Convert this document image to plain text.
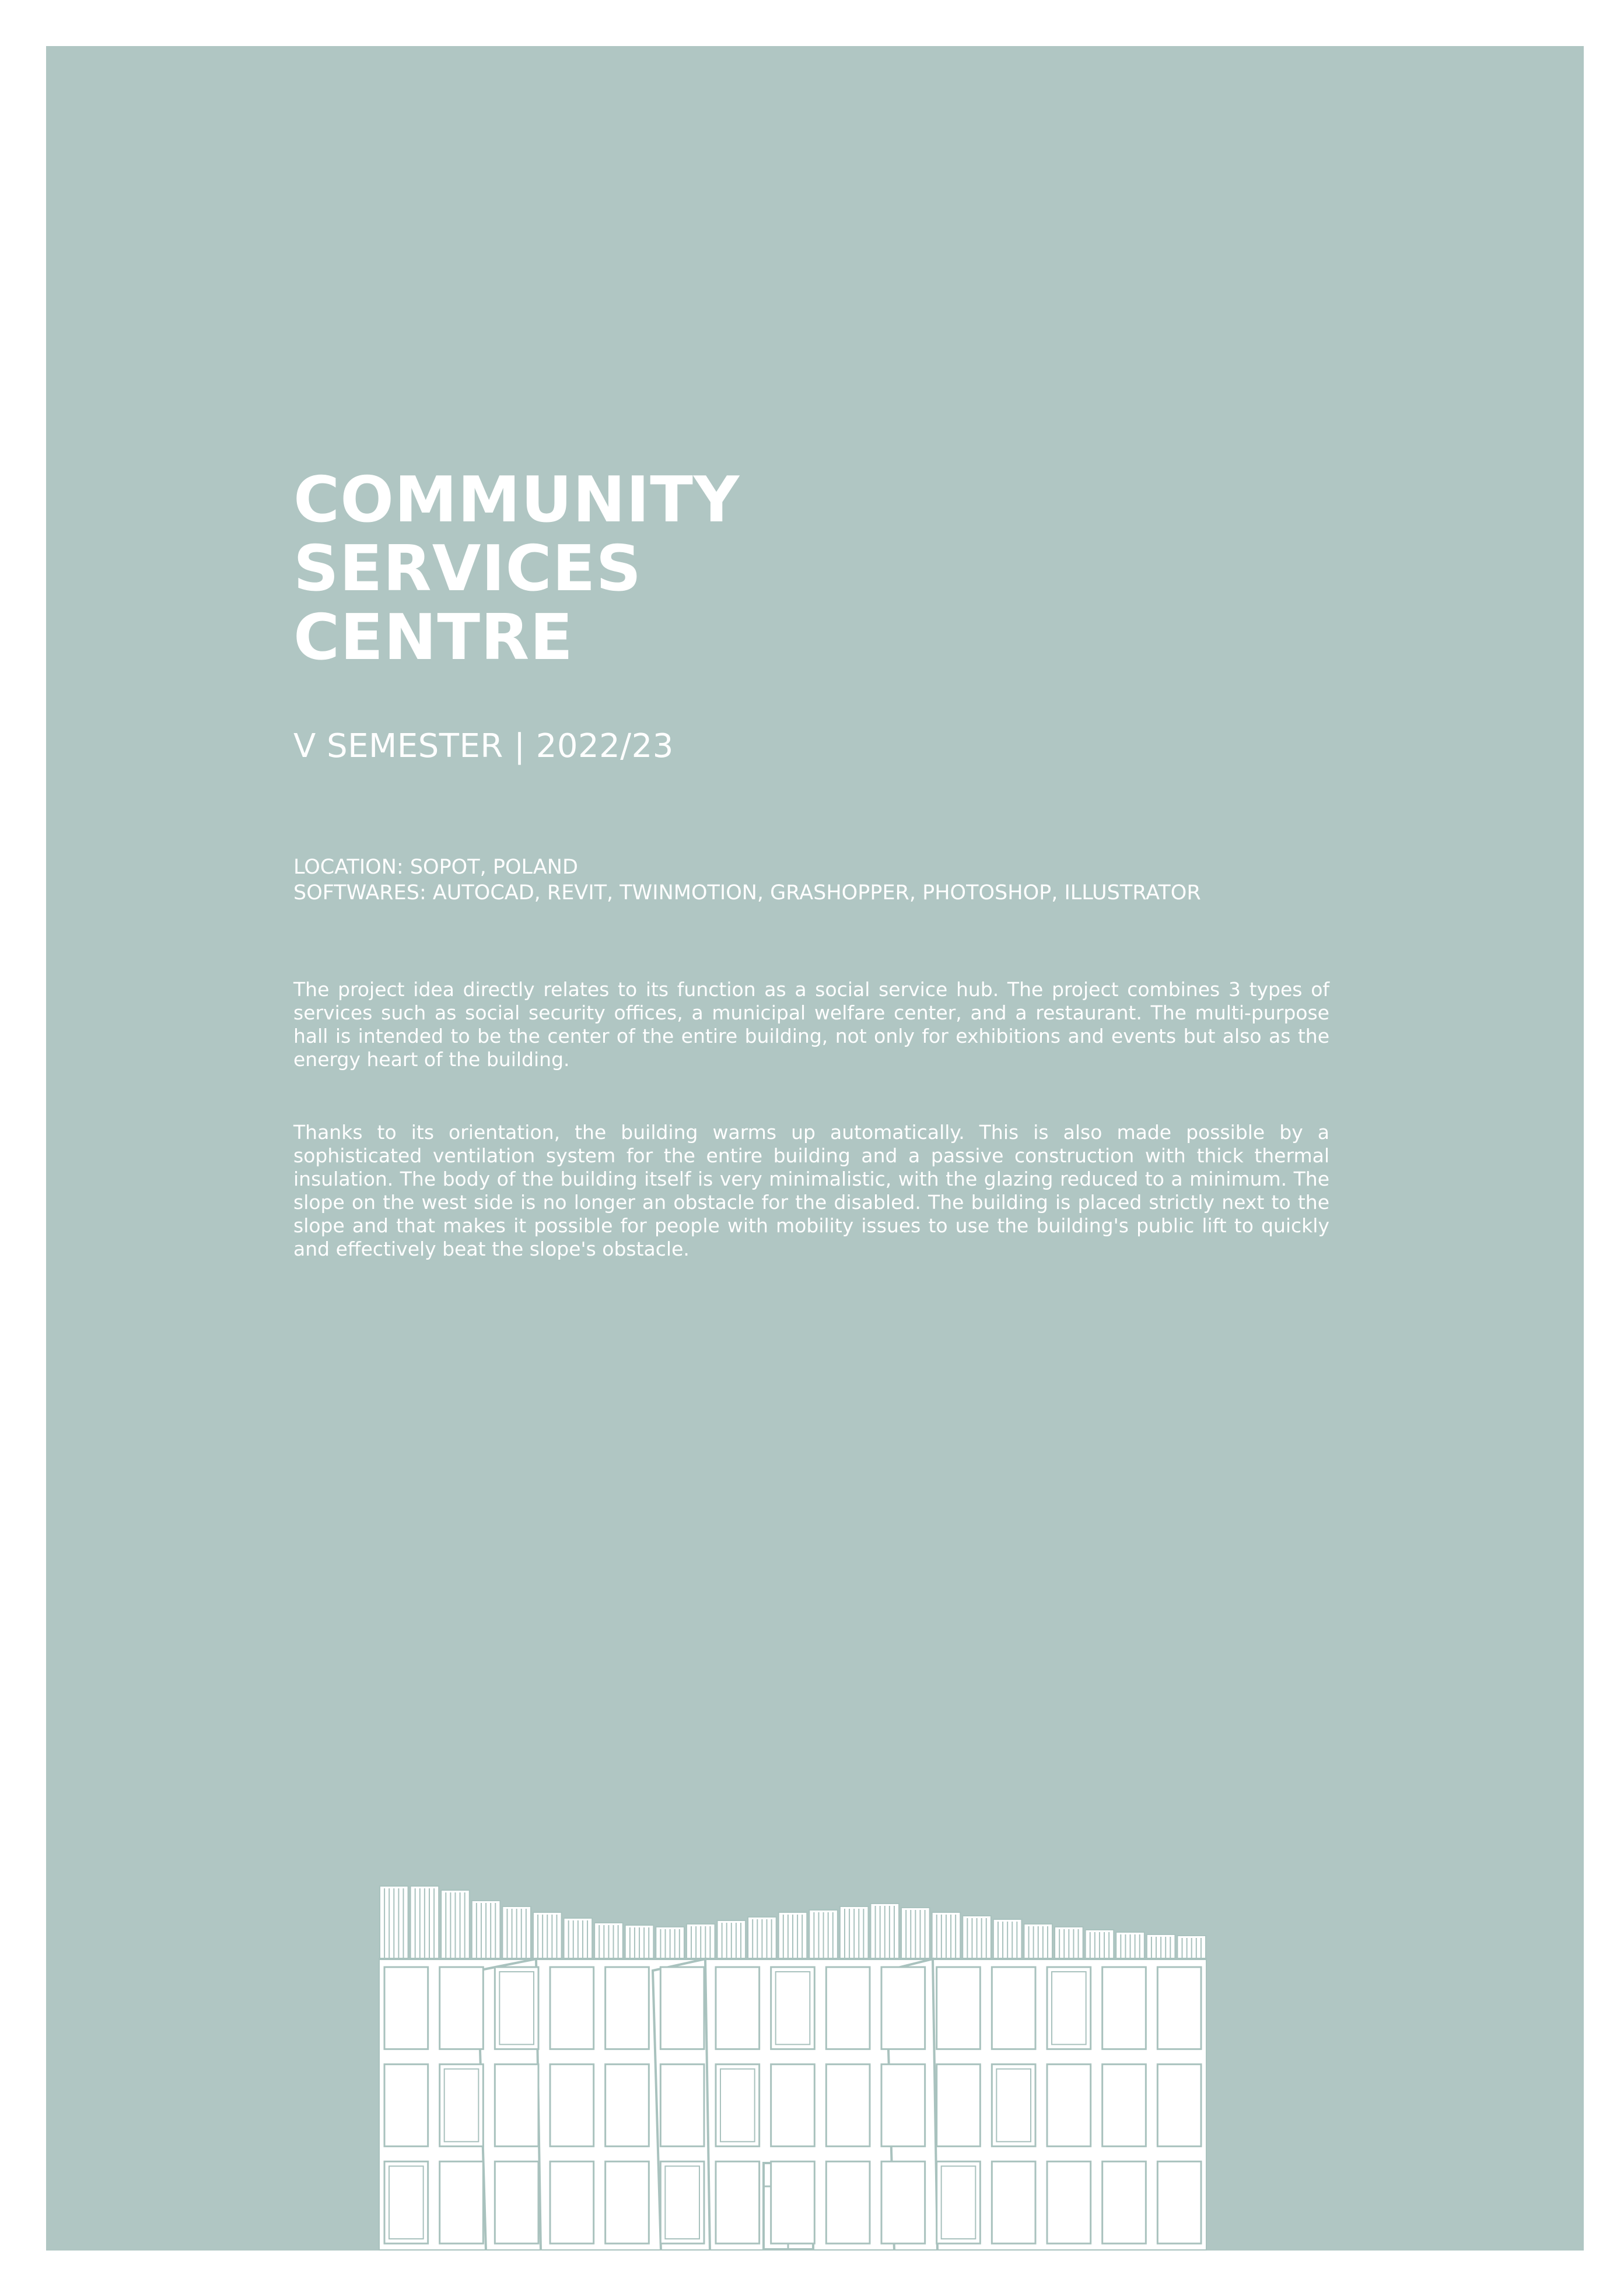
COMMUNITY
SERVICES
CENTRE
V SEMESTER | 2022/23
LOCATION: SOPOT, POLAND
SOFTWARES: AUTOCAD, REVIT, TWINMOTION, GRASHOPPER, PHOTOSHOP, ILLUSTRATOR

The project idea directly relates to its function as a social service hub. The project combines 3 types of services such as social security offices, a municipal welfare center, and a restaurant. The multi-purpose hall is intended to be the center of the entire building, not only for exhibitions and events but also as the energy heart of the building.

Thanks to its orientation, the building warms up automatically. This is also made possible by a sophisticated ventilation system for the entire building and a passive construction with thick thermal insulation. The body of the building itself is very minimalistic, with the glazing reduced to a minimum. The slope on the west side is no longer an obstacle for the disabled. The building is placed strictly next to the slope and that makes it possible for people with mobility issues to use the building's public lift to quickly and effectively beat the slope's obstacle.
